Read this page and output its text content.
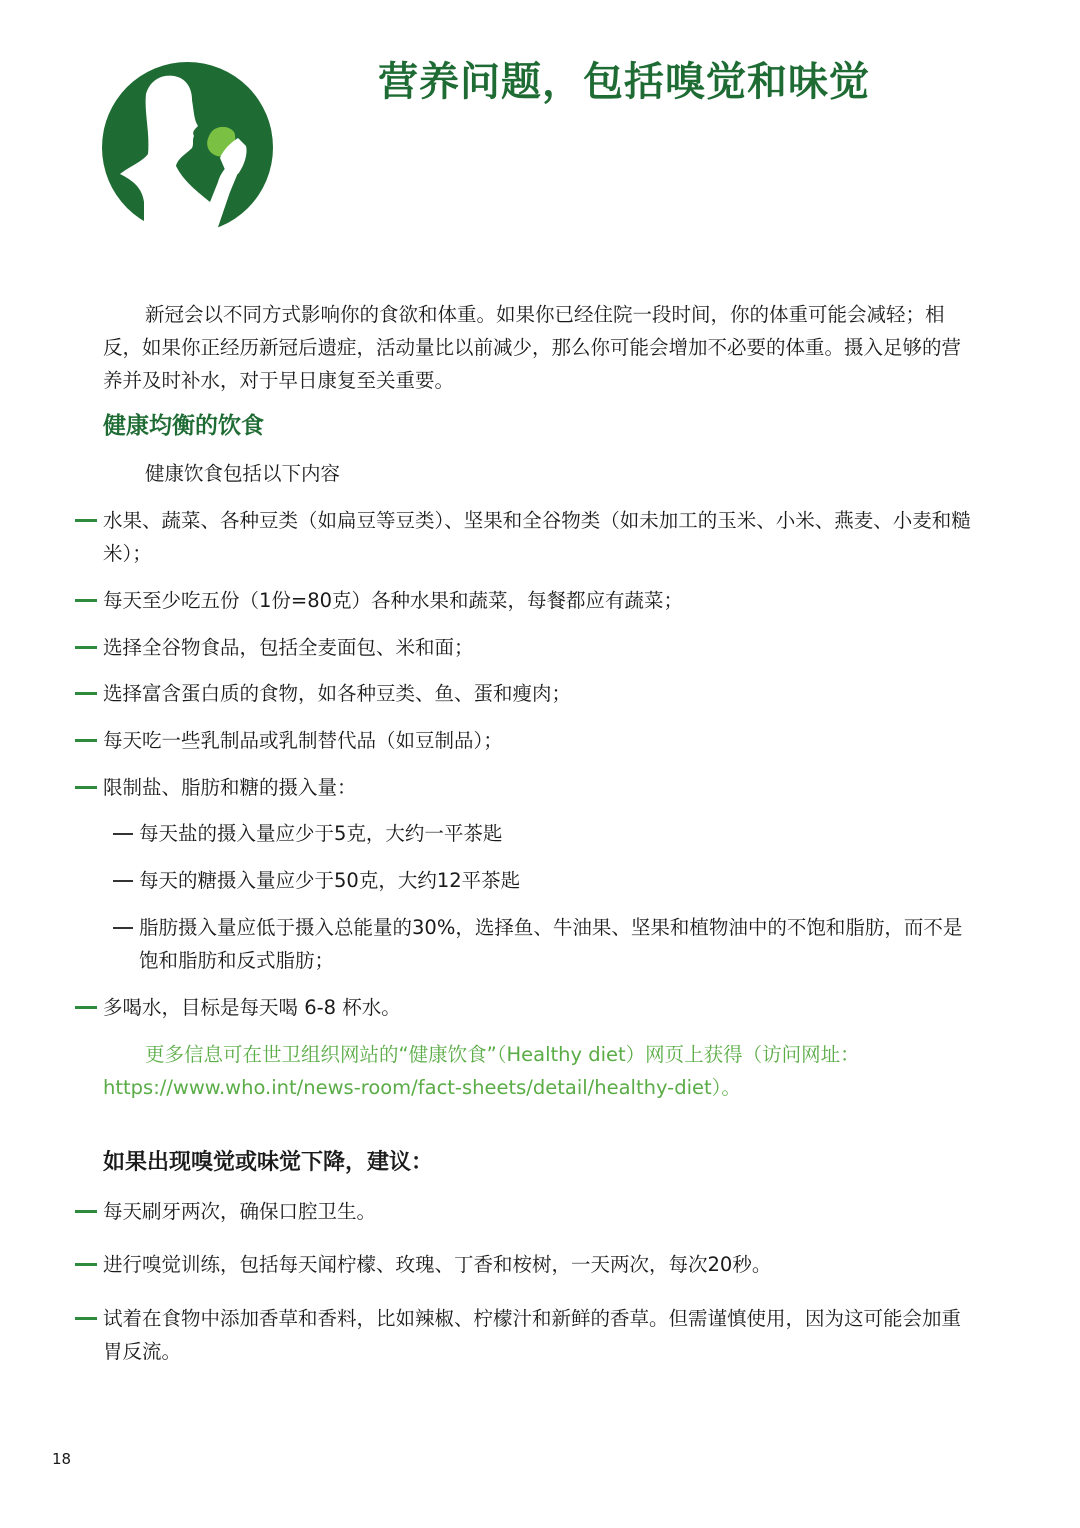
营养问题，包括嗅觉和味觉

新冠会以不同方式影响你的食欲和体重。如果你已经住院一段时间，你的体重可能会减轻；相反，如果你正经历新冠后遗症，活动量比以前减少，那么你可能会增加不必要的体重。摄入足够的营养并及时补水，对于早日康复至关重要。

健康均衡的饮食

健康饮食包括以下内容

水果、蔬菜、各种豆类（如扁豆等豆类）、坚果和全谷物类（如未加工的玉米、小米、燕麦、小麦和糙米）；
每天至少吃五份（1份=80克）各种水果和蔬菜，每餐都应有蔬菜；
选择全谷物食品，包括全麦面包、米和面；
选择富含蛋白质的食物，如各种豆类、鱼、蛋和瘦肉；
每天吃一些乳制品或乳制替代品（如豆制品）；
限制盐、脂肪和糖的摄入量：
每天盐的摄入量应少于5克，大约一平茶匙
每天的糖摄入量应少于50克，大约12平茶匙
脂肪摄入量应低于摄入总能量的30%，选择鱼、牛油果、坚果和植物油中的不饱和脂肪，而不是饱和脂肪和反式脂肪；
多喝水，目标是每天喝 6-8 杯水。

更多信息可在世卫组织网站的“健康饮食”（Healthy diet）网页上获得（访问网址：https://www.who.int/news-room/fact-sheets/detail/healthy-diet）。

如果出现嗅觉或味觉下降，建议：
每天刷牙两次，确保口腔卫生。
进行嗅觉训练，包括每天闻柠檬、玫瑰、丁香和桉树，一天两次，每次20秒。
试着在食物中添加香草和香料，比如辣椒、柠檬汁和新鲜的香草。但需谨慎使用，因为这可能会加重胃反流。
18
